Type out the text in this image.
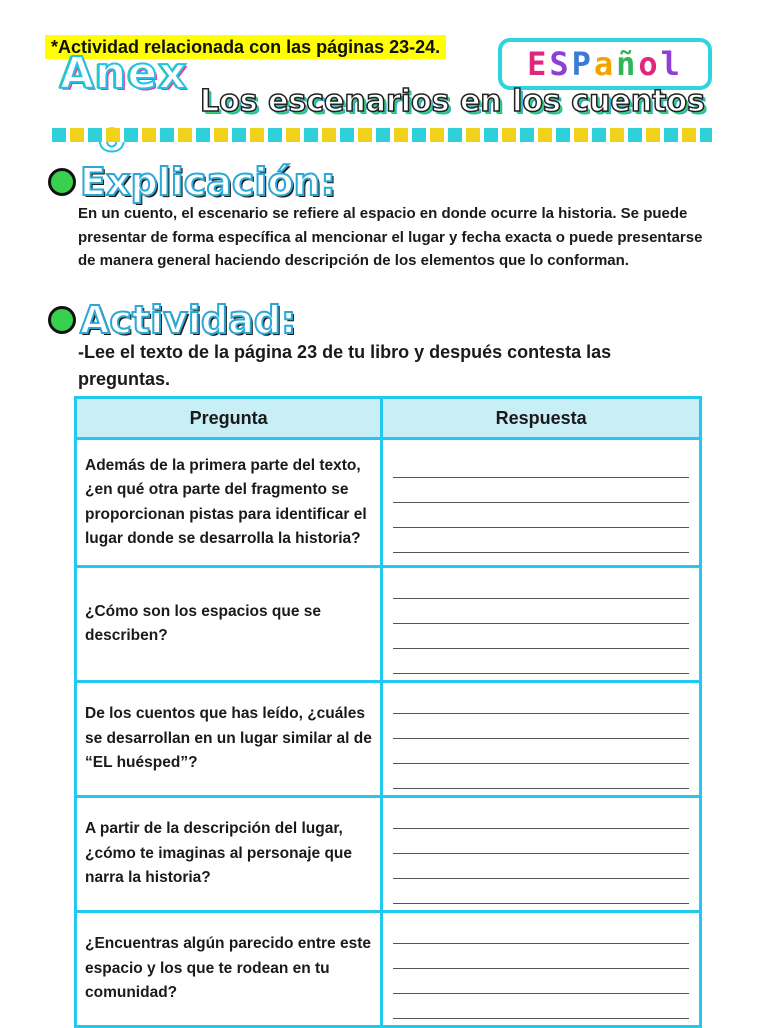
*Actividad relacionada con las páginas 23-24.
Anex	E S P a ñ o l
Los escenarios en los cuentos
Explicación:
En un cuento, el escenario se refiere al espacio en donde ocurre la historia. Se puede presentar de forma específica al mencionar el lugar y fecha exacta o puede presentarse de manera general haciendo descripción de los elementos que lo conforman.
Actividad:
-Lee el texto de la página 23 de tu libro y después contesta las preguntas.
Pregunta	Respuesta
Además de la primera parte del texto, ¿en qué otra parte del fragmento se proporcionan pistas para identificar el lugar donde se desarrolla la historia?	

¿Cómo son los espacios que se describen?	

De los cuentos que has leído, ¿cuáles se desarrollan en un lugar similar al de “EL huésped”?	

A partir de la descripción del lugar, ¿cómo te imaginas al personaje que narra la historia?	

¿Encuentras algún parecido entre este espacio y los que te rodean en tu comunidad?	
